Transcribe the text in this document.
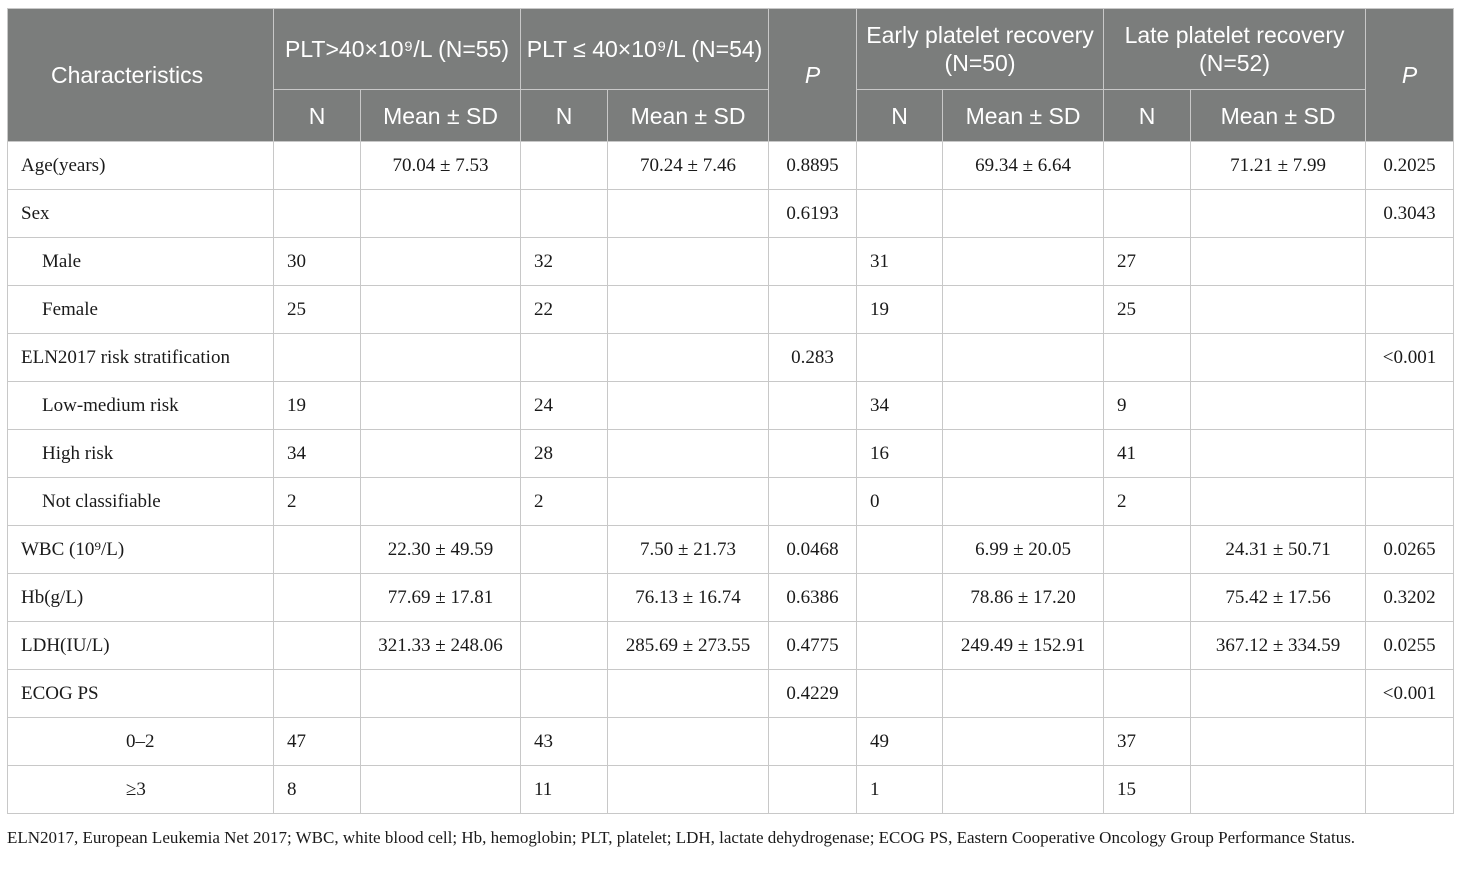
Characteristics	PLT>40×10⁹/L (N=55)		PLT ≤ 40×10⁹/L (N=54)		P	Early platelet recovery (N=50)		Late platelet recovery (N=52)		P
	N	Mean ± SD	N	Mean ± SD		N	Mean ± SD	N	Mean ± SD	
Age(years)		70.04 ± 7.53		70.24 ± 7.46	0.8895		69.34 ± 6.64		71.21 ± 7.99	0.2025
Sex					0.6193					0.3043
Male	30		32			31		27		
Female	25		22			19		25		
ELN2017 risk stratification					0.283					<0.001
Low-medium risk	19		24			34		9		
High risk	34		28			16		41		
Not classifiable	2		2			0		2		
WBC (10⁹/L)		22.30 ± 49.59		7.50 ± 21.73	0.0468		6.99 ± 20.05		24.31 ± 50.71	0.0265
Hb(g/L)		77.69 ± 17.81		76.13 ± 16.74	0.6386		78.86 ± 17.20		75.42 ± 17.56	0.3202
LDH(IU/L)		321.33 ± 248.06		285.69 ± 273.55	0.4775		249.49 ± 152.91		367.12 ± 334.59	0.0255
ECOG PS					0.4229					<0.001
0–2	47		43			49		37		
≥3	8		11			1		15		

ELN2017, European Leukemia Net 2017; WBC, white blood cell; Hb, hemoglobin; PLT, platelet; LDH, lactate dehydrogenase; ECOG PS, Eastern Cooperative Oncology Group Performance Status.
